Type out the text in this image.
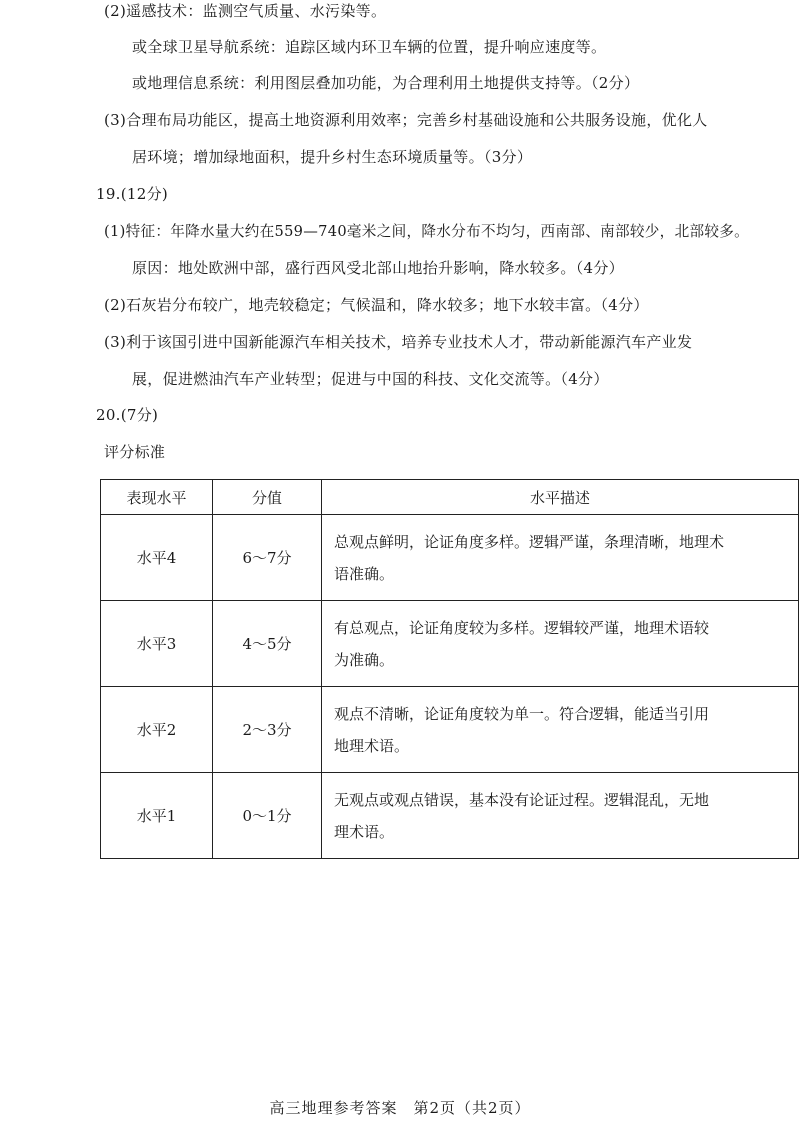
(2)遥感技术：监测空气质量、水污染等。
或全球卫星导航系统：追踪区域内环卫车辆的位置，提升响应速度等。
或地理信息系统：利用图层叠加功能，为合理利用土地提供支持等。（2分）
(3)合理布局功能区，提高土地资源利用效率；完善乡村基础设施和公共服务设施，优化人
居环境；增加绿地面积，提升乡村生态环境质量等。（3分）
19.(12分)
(1)特征：年降水量大约在559—740毫米之间，降水分布不均匀，西南部、南部较少，北部较多。
原因：地处欧洲中部，盛行西风受北部山地抬升影响，降水较多。（4分）
(2)石灰岩分布较广，地壳较稳定；气候温和，降水较多；地下水较丰富。（4分）
(3)利于该国引进中国新能源汽车相关技术，培养专业技术人才，带动新能源汽车产业发
展，促进燃油汽车产业转型；促进与中国的科技、文化交流等。（4分）
20.(7分)
评分标准
表现水平	分值	水平描述
水平4	6～7分	总观点鲜明，论证角度多样。逻辑严谨，条理清晰，地理术
语准确。

水平3	4～5分	有总观点，论证角度较为多样。逻辑较严谨，地理术语较
为准确。

水平2	2～3分	观点不清晰，论证角度较为单一。符合逻辑，能适当引用
地理术语。

水平1	0～1分	无观点或观点错误，基本没有论证过程。逻辑混乱，无地
理术语。
高三地理参考答案　第2页（共2页）
